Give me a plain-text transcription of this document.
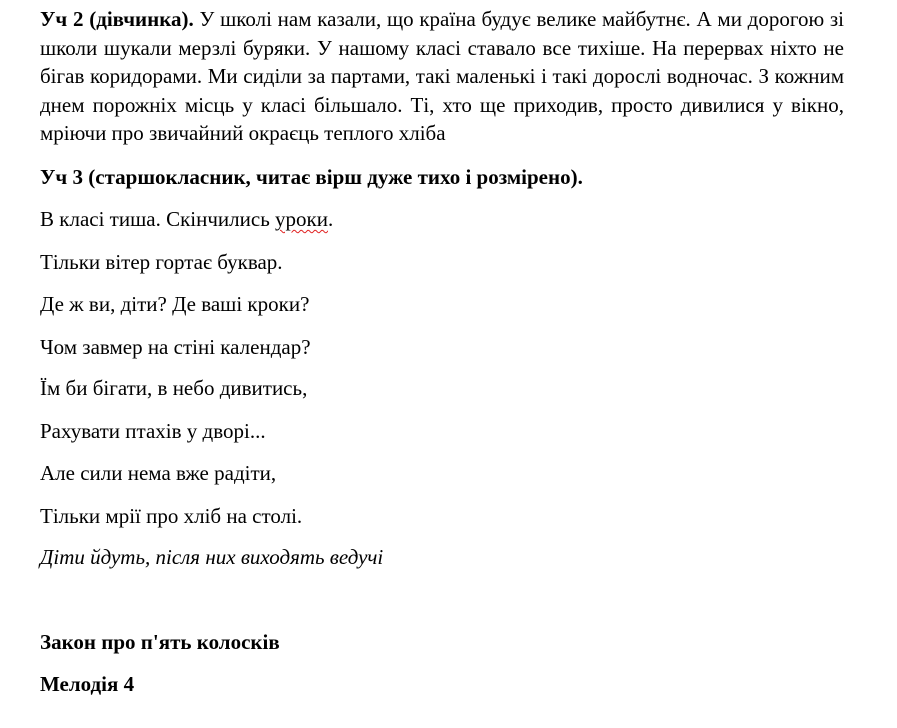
Уч 2 (дівчинка). У школі нам казали, що країна будує велике майбутнє. А ми дорогою зі школи шукали мерзлі буряки. У нашому класі ставало все тихіше. На перервах ніхто не бігав коридорами. Ми сиділи за партами, такі маленькі і такі дорослі водночас. З кожним днем порожніх місць у класі більшало. Ті, хто ще приходив, просто дивилися у вікно, мріючи про звичайний окраєць теплого хліба

Уч 3 (старшокласник, читає вірш дуже тихо і розмірено).

В класі тиша. Скінчились уроки.

Тільки вітер гортає буквар.

Де ж ви, діти? Де ваші кроки?

Чом завмер на стіні календар?

Їм би бігати, в небо дивитись,

Рахувати птахів у дворі...

Але сили нема вже радіти,

Тільки мрії про хліб на столі.

Діти йдуть, після них виходять ведучі

Закон про п'ять колосків

Мелодія 4
